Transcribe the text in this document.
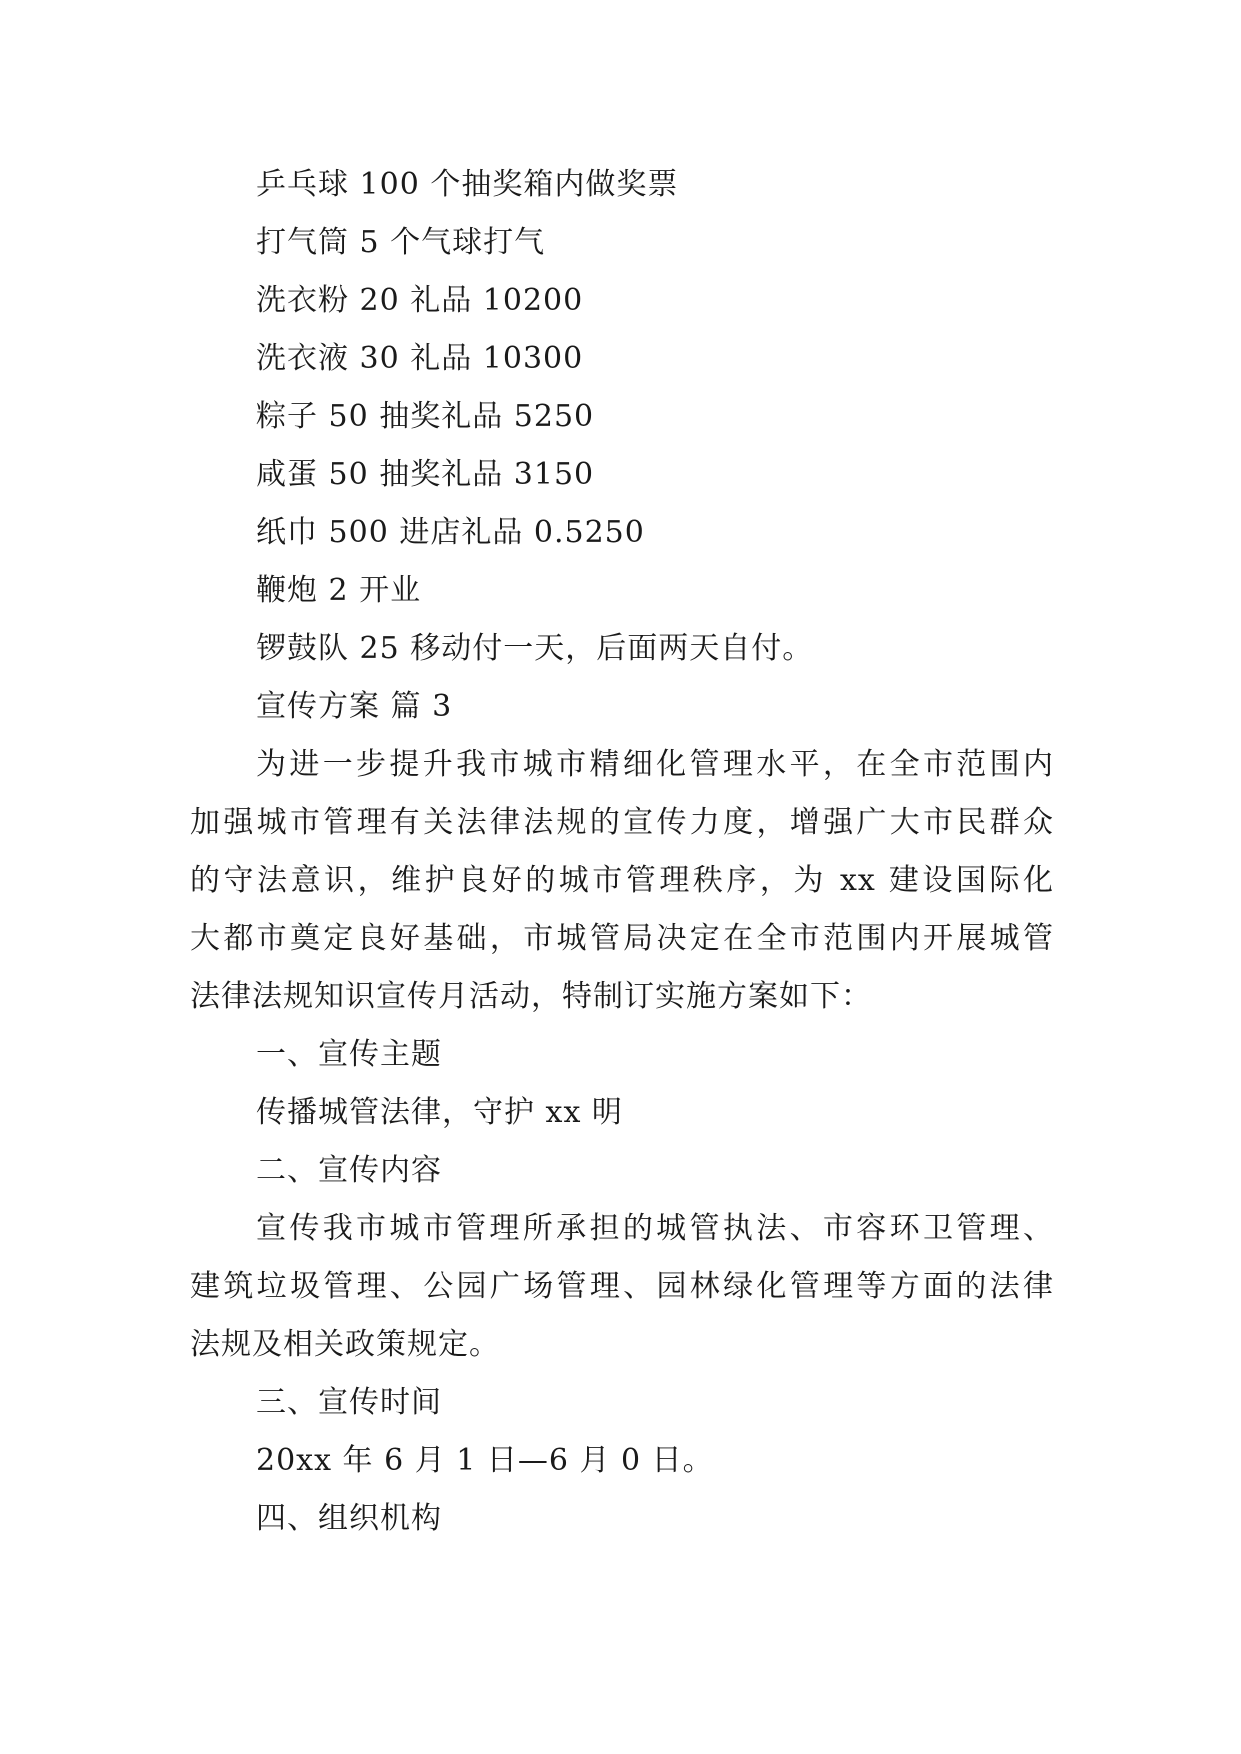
乒乓球 100 个抽奖箱内做奖票
打气筒 5 个气球打气
洗衣粉 20 礼品 10200
洗衣液 30 礼品 10300
粽子 50 抽奖礼品 5250
咸蛋 50 抽奖礼品 3150
纸巾 500 进店礼品 0.5250
鞭炮 2 开业
锣鼓队 25 移动付一天，后面两天自付。
宣传方案 篇 3
为进一步提升我市城市精细化管理水平，在全市范围内
加强城市管理有关法律法规的宣传力度，增强广大市民群众
的守法意识，维护良好的城市管理秩序，为 xx 建设国际化
大都市奠定良好基础，市城管局决定在全市范围内开展城管
法律法规知识宣传月活动，特制订实施方案如下：
一、宣传主题
传播城管法律，守护 xx 明
二、宣传内容
宣传我市城市管理所承担的城管执法、市容环卫管理、
建筑垃圾管理、公园广场管理、园林绿化管理等方面的法律
法规及相关政策规定。
三、宣传时间
20xx 年 6 月 1 日—6 月 0 日。
四、组织机构
